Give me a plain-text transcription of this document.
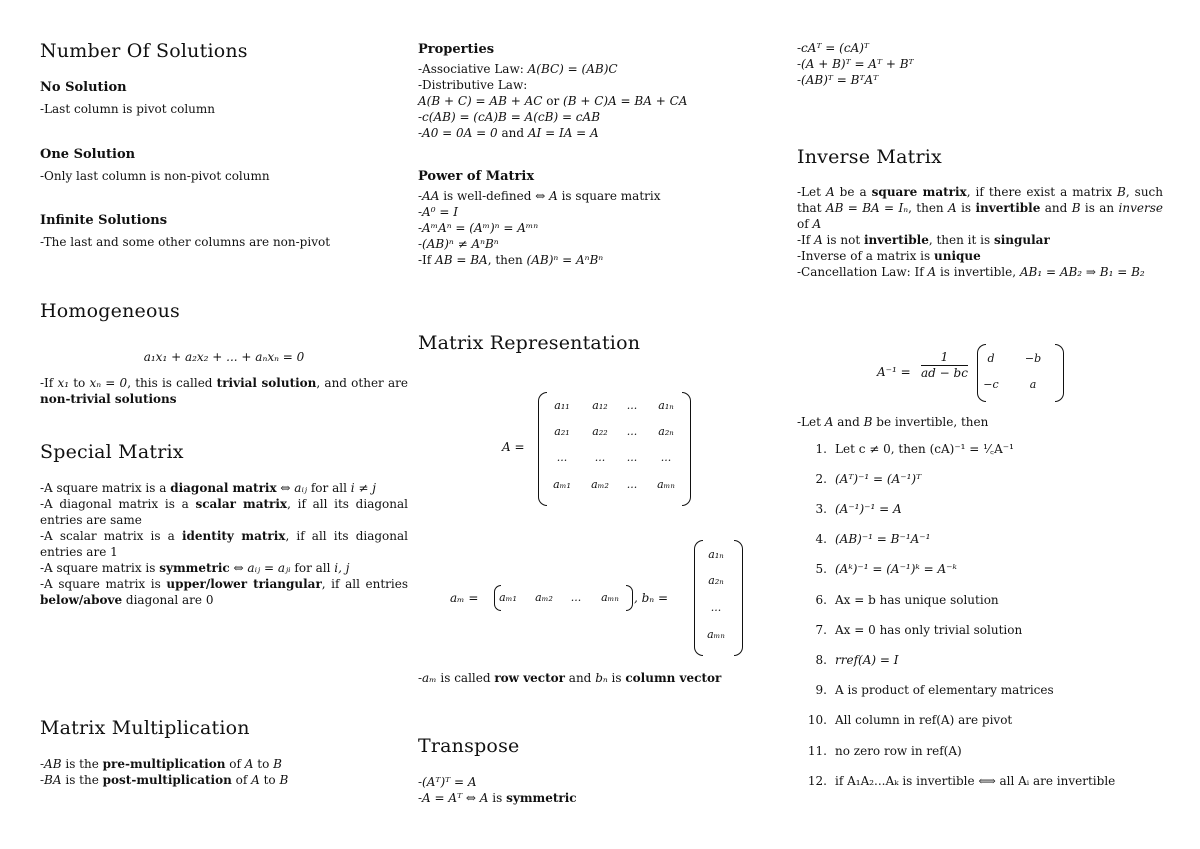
Number Of Solutions
No Solution
-Last column is pivot column
One Solution
-Only last column is non-pivot column
Infinite Solutions
-The last and some other columns are non-pivot
Homogeneous
a₁x₁ + a₂x₂ + ... + aₙxₙ = 0
-If x₁ to xₙ = 0, this is called trivial solution, and other are non-trivial solutions
Special Matrix
-A square matrix is a diagonal matrix ⇔ aᵢⱼ for all i ≠ j
-A diagonal matrix is a scalar matrix, if all its diagonal entries are same
-A scalar matrix is a identity matrix, if all its diagonal entries are 1
-A square matrix is symmetric ⇔ aᵢⱼ = aⱼᵢ for all i, j
-A square matrix is upper/lower triangular, if all entries below/above diagonal are 0
Matrix Multiplication
-AB is the pre-multiplication of A to B
-BA is the post-multiplication of A to B
Properties
-Associative Law: A(BC) = (AB)C
-Distributive Law:
A(B + C) = AB + AC or (B + C)A = BA + CA
-c(AB) = (cA)B = A(cB) = cAB
-A0 = 0A = 0 and AI = IA = A
Power of Matrix
-AA is well-defined ⇔ A is square matrix
-A⁰ = I
-AᵐAⁿ = (Aᵐ)ⁿ = Aᵐⁿ
-(AB)ⁿ ≠ AⁿBⁿ
-If AB = BA, then (AB)ⁿ = AⁿBⁿ
Matrix Representation
A =
a₁₁	a₁₂	...	a₁ₙ
a₂₁	a₂₂	...	a₂ₙ
...	...	...	...
aₘ₁	aₘ₂	...	aₘₙ
aₘ =	aₘ₁	aₘ₂	...	aₘₙ	, bₙ =
a₁ₙ
a₂ₙ
...
aₘₙ
-aₘ is called row vector and bₙ is column vector
Transpose
-(Aᵀ)ᵀ = A
-A = Aᵀ ⇔ A is symmetric
-cAᵀ = (cA)ᵀ
-(A + B)ᵀ = Aᵀ + Bᵀ
-(AB)ᵀ = BᵀAᵀ
Inverse Matrix
-Let A be a square matrix, if there exist a matrix B, such that AB = BA = Iₙ, then A is invertible and B is an inverse of A
-If A is not invertible, then it is singular
-Inverse of a matrix is unique
-Cancellation Law: If A is invertible, AB₁ = AB₂ ⇒ B₁ = B₂
$A^{-1} = \frac{1}{ad - bc}$	d	−b
−c	a
-Let A and B be invertible, then
1. Let c ≠ 0, then (cA)⁻¹ = ¹⁄꜀A⁻¹
2. (Aᵀ)⁻¹ = (A⁻¹)ᵀ
3. (A⁻¹)⁻¹ = A
4. (AB)⁻¹ = B⁻¹A⁻¹
5. (Aᵏ)⁻¹ = (A⁻¹)ᵏ = A⁻ᵏ
6. Ax = b has unique solution
7. Ax = 0 has only trivial solution
8. rref(A) = I
9. A is product of elementary matrices
10. All column in ref(A) are pivot
11. no zero row in ref(A)
12. if A₁A₂...Aₖ is invertible ⟺ all Aᵢ are invertible
